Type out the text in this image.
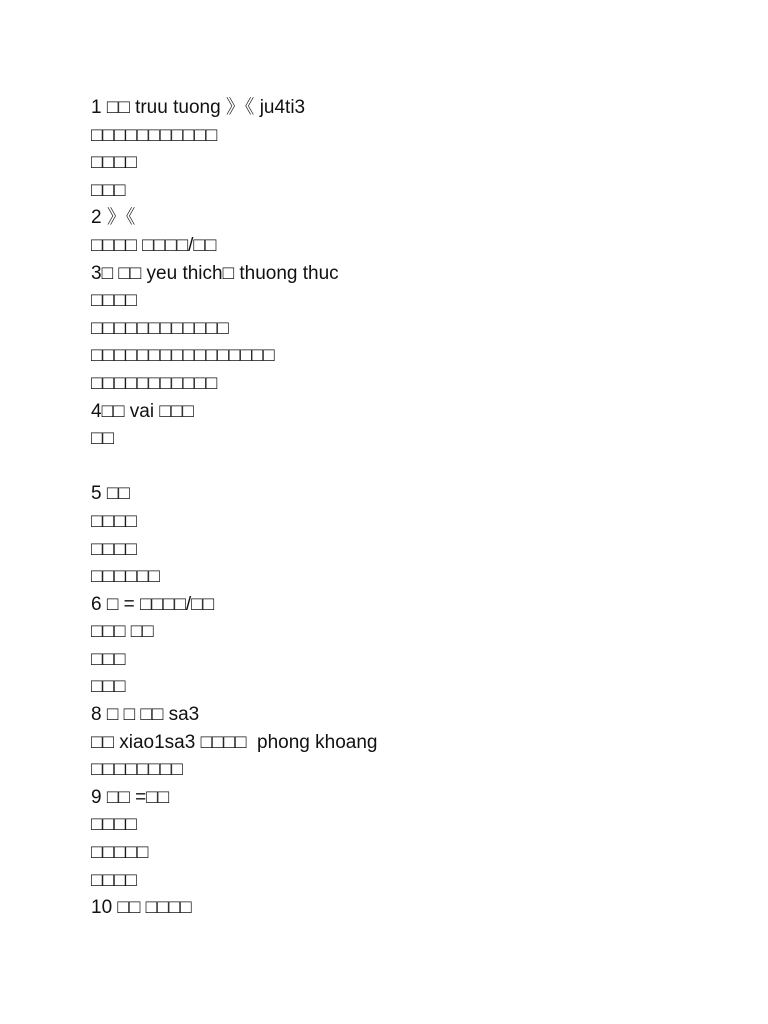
1 □□ truu tuong 》《 ju4ti3
□□□□□□□□□□□
□□□□
□□□
2 》《
□□□□ □□□□/□□
3□ □□ yeu thich□ thuong thuc
□□□□
□□□□□□□□□□□□
□□□□□□□□□□□□□□□□
□□□□□□□□□□□
4□□ vai □□□
□□
5 □□
□□□□
□□□□
□□□□□□
6 □ = □□□□/□□
□□□ □□
□□□
□□□
8 □ □ □□ sa3
□□ xiao1sa3 □□□□  phong khoang
□□□□□□□□
9 □□ =□□
□□□□
□□□□□
□□□□
10 □□ □□□□
